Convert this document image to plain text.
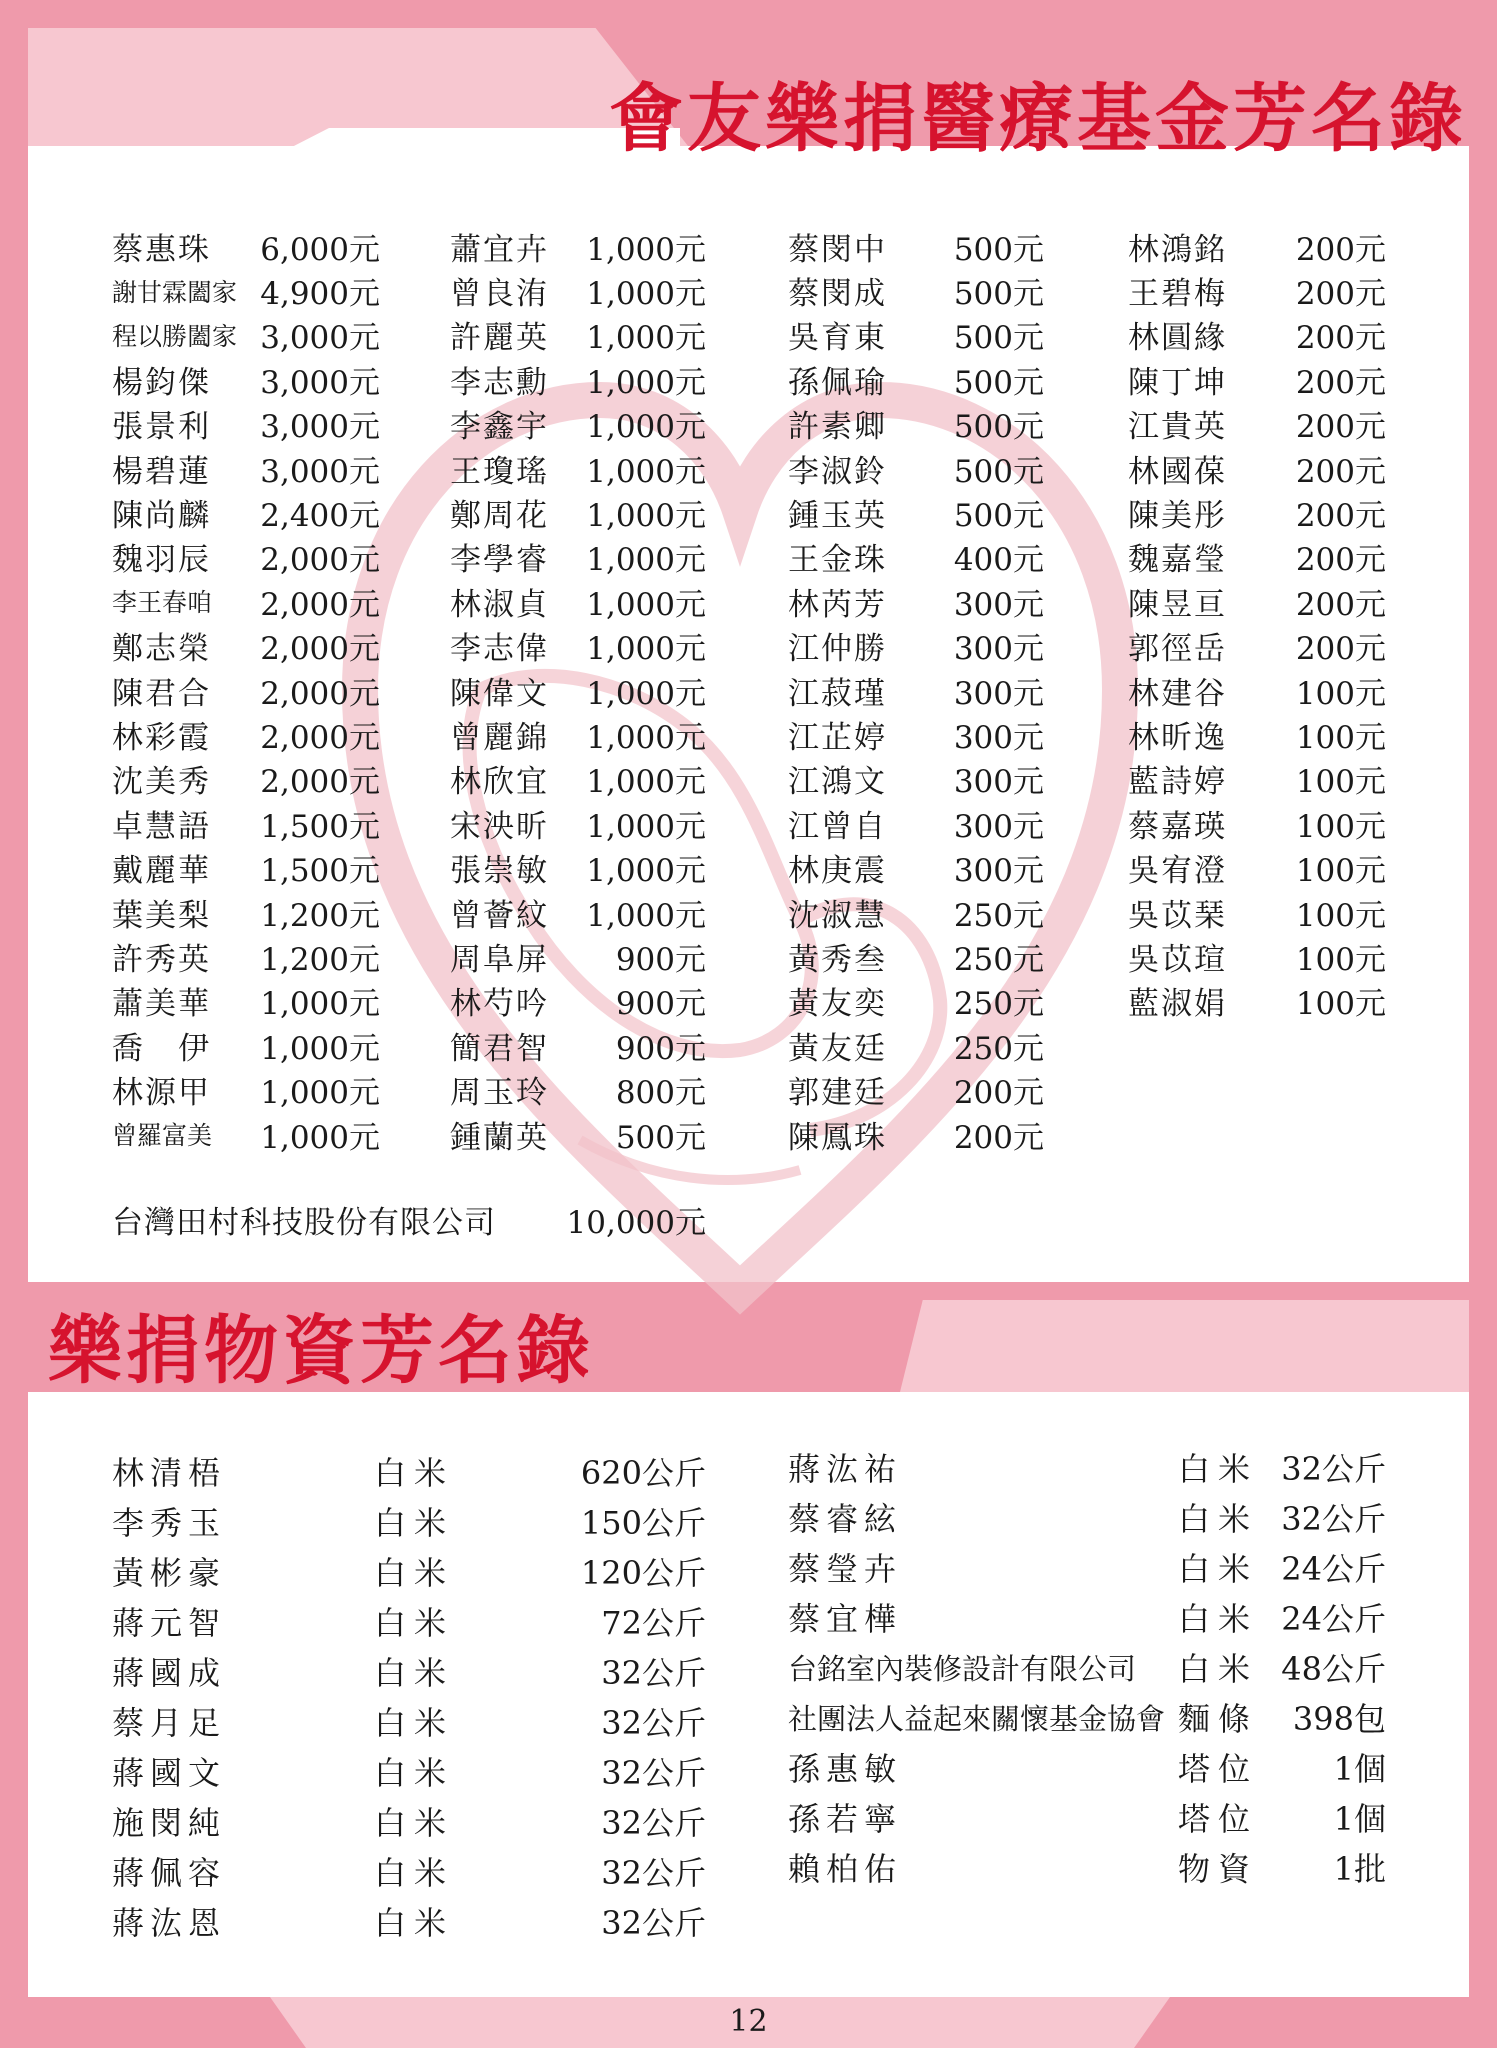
會友樂捐醫療基金芳名錄
樂捐物資芳名錄
蔡惠珠 6,000元
謝甘霖闔家 4,900元
程以勝闔家 3,000元
楊鈞傑 3,000元
張景利 3,000元
楊碧蓮 3,000元
陳尚麟 2,400元
魏羽辰 2,000元
李王春咱 2,000元
鄭志榮 2,000元
陳君合 2,000元
林彩霞 2,000元
沈美秀 2,000元
卓慧語 1,500元
戴麗華 1,500元
葉美梨 1,200元
許秀英 1,200元
蕭美華 1,000元
喬　伊 1,000元
林源甲 1,000元
曾羅富美 1,000元
蕭宜卉 1,000元
曾良洧 1,000元
許麗英 1,000元
李志勳 1,000元
李鑫宇 1,000元
王瓊瑤 1,000元
鄭周花 1,000元
李學睿 1,000元
林淑貞 1,000元
李志偉 1,000元
陳偉文 1,000元
曾麗錦 1,000元
林欣宜 1,000元
宋泱昕 1,000元
張崇敏 1,000元
曾薈紋 1,000元
周阜屏 900元
林芍吟 900元
簡君智 900元
周玉玲 800元
鍾蘭英 500元
蔡閔中 500元
蔡閔成 500元
吳育東 500元
孫佩瑜 500元
許素卿 500元
李淑鈴 500元
鍾玉英 500元
王金珠 400元
林芮芳 300元
江仲勝 300元
江菽瑾 300元
江芷婷 300元
江鴻文 300元
江曾自 300元
林庚震 300元
沈淑慧 250元
黃秀叁 250元
黃友奕 250元
黃友廷 250元
郭建廷 200元
陳鳳珠 200元
林鴻銘 200元
王碧梅 200元
林圓緣 200元
陳丁坤 200元
江貴英 200元
林國葆 200元
陳美彤 200元
魏嘉瑩 200元
陳昱亘 200元
郭徑岳 200元
林建谷 100元
林昕逸 100元
藍詩婷 100元
蔡嘉瑛 100元
吳宥澄 100元
吳苡琹 100元
吳苡瑄 100元
藍淑娟 100元
台灣田村科技股份有限公司 10,000元
林清梧	白米	620公斤
李秀玉	白米	150公斤
黃彬豪	白米	120公斤
蔣元智	白米	72公斤
蔣國成	白米	32公斤
蔡月足	白米	32公斤
蔣國文	白米	32公斤
施閔純	白米	32公斤
蔣佩容	白米	32公斤
蔣汯恩	白米	32公斤
蔣汯祐	白米 32公斤
蔡睿絃	白米 32公斤
蔡瑩卉	白米 24公斤
蔡宜樺	白米 24公斤
台銘室內裝修設計有限公司 白米 48公斤
社團法人益起來關懷基金協會 麵條 398包
孫惠敏	塔位 1個
孫若寧	塔位 1個
賴柏佑	物資 1批
12
